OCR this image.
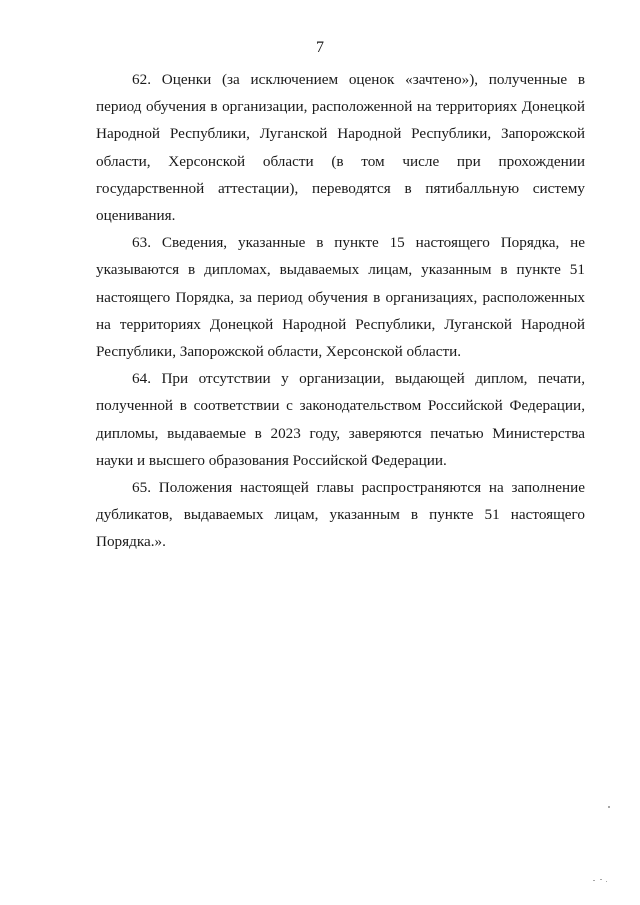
7

62. Оценки (за исключением оценок «зачтено»), полученные в период обучения в организации, расположенной на территориях Донецкой Народной Республики, Луганской Народной Республики, Запорожской области, Херсонской области (в том числе при прохождении государственной аттестации), переводятся в пятибалльную систему оценивания.

63. Сведения, указанные в пункте 15 настоящего Порядка, не указываются в дипломах, выдаваемых лицам, указанным в пункте 51 настоящего Порядка, за период обучения в организациях, расположенных на территориях Донецкой Народной Республики, Луганской Народной Республики, Запорожской области, Херсонской области.

64. При отсутствии у организации, выдающей диплом, печати, полученной в соответствии с законодательством Российской Федерации, дипломы, выдаваемые в 2023 году, заверяются печатью Министерства науки и высшего образования Российской Федерации.

65. Положения настоящей главы распространяются на заполнение дубликатов, выдаваемых лицам, указанным в пункте 51 настоящего Порядка.».
